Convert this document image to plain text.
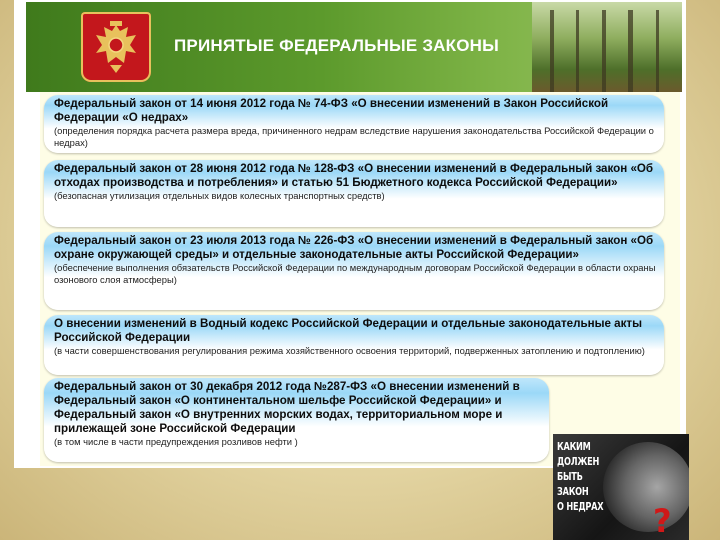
ПРИНЯТЫЕ ФЕДЕРАЛЬНЫЕ ЗАКОНЫ
Федеральный закон от 14 июня 2012 года № 74-ФЗ «О внесении изменений в Закон Российской Федерации «О недрах»
(определения порядка расчета размера вреда, причиненного недрам вследствие нарушения законодательства Российской Федерации о недрах)
Федеральный закон от 28 июня 2012 года № 128-ФЗ «О внесении изменений в Федеральный закон «Об отходах производства и потребления» и статью 51 Бюджетного кодекса Российской Федерации»
(безопасная утилизация отдельных видов колесных транспортных средств)
Федеральный закон от 23 июля 2013 года № 226-ФЗ «О внесении изменений в Федеральный закон «Об охране окружающей среды» и отдельные законодательные акты Российской Федерации»
(обеспечение выполнения обязательств Российской Федерации по международным договорам Российской Федерации в области охраны озонового слоя атмосферы)
О внесении изменений в Водный кодекс Российской Федерации и отдельные законодательные акты Российской Федерации
(в части совершенствования регулирования режима хозяйственного освоения территорий, подверженных затоплению и подтоплению)
Федеральный закон от 30 декабря 2012 года №287-ФЗ «О внесении изменений в Федеральный закон «О континентальном шельфе Российской Федерации» и Федеральный закон «О внутренних морских водах, территориальном море и прилежащей зоне Российской Федерации
(в том числе в части предупреждения розливов нефти )	КАКИМ
ДОЛЖЕН
БЫТЬ
ЗАКОН
О НЕДРАХ ?
